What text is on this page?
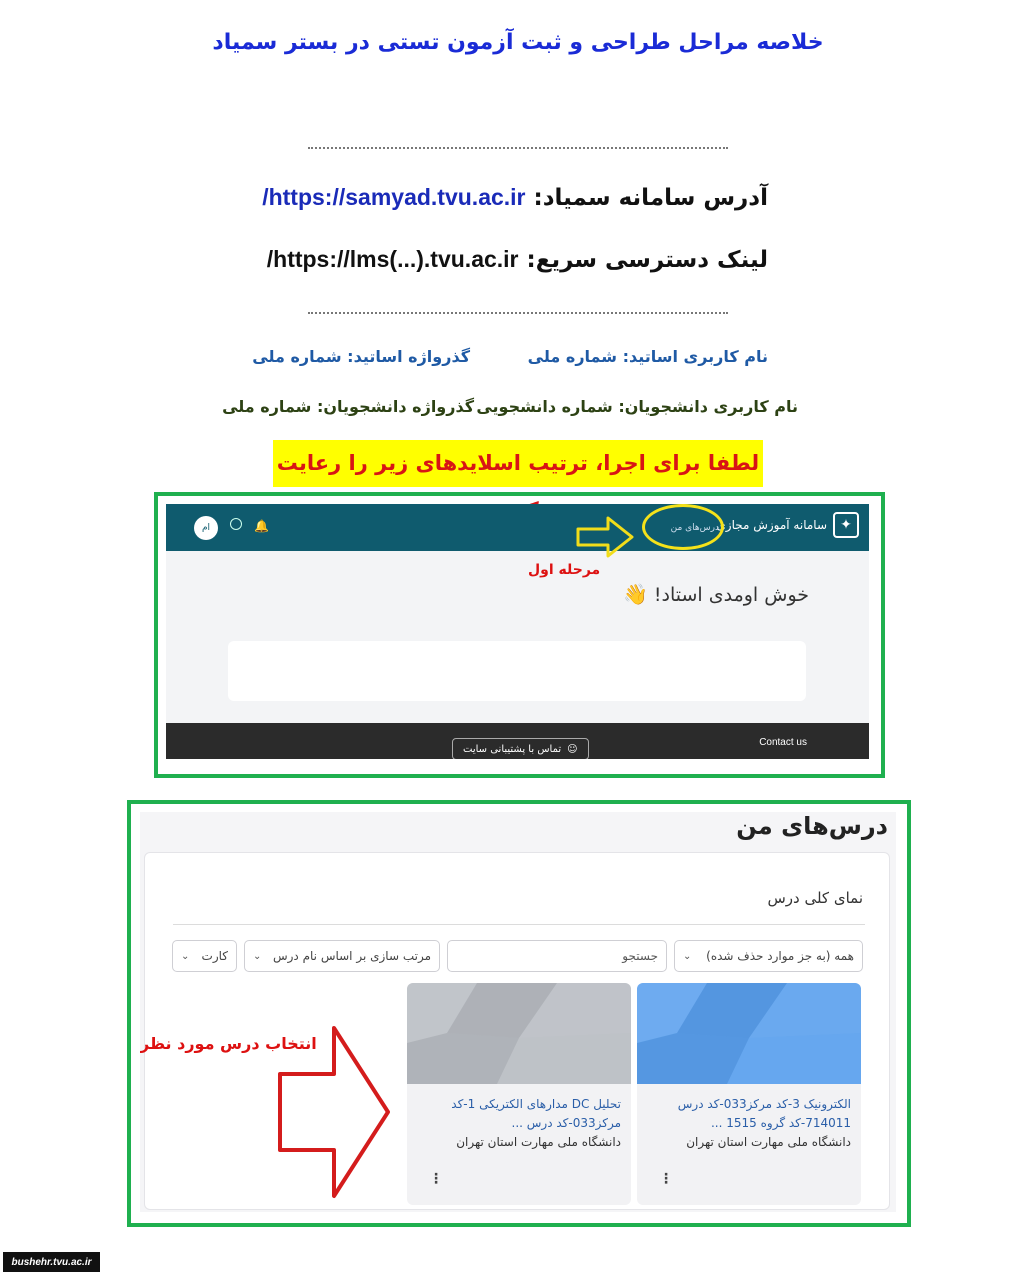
خلاصه مراحل طراحی و ثبت آزمون تستی در بستر سمیاد
آدرس سامانه سمیاد: https://samyad.tvu.ac.ir/
لینک دسترسی سریع: https://lms(...).tvu.ac.ir/
نام کاربری اساتید: شماره ملی
گذرواژه اساتید: شماره ملی
نام کاربری دانشجویان: شماره دانشجویی
گذرواژه دانشجویان: شماره ملی
لطفا برای اجرا، ترتیب اسلایدهای زیر را رعایت
✦
سامانه آموزش مجازی
درس‌های من
ام	🔔
مرحله اول
خوش اومدی استاد! 👋
☺
تماس با پشتیبانی سایت
Contact us
درس‌های من
نمای کلی درس
همه (به جز موارد حذف شده)
⌄
جستجو
مرتب سازی بر اساس نام درس
⌄
کارت
⌄
الکترونیک 3-کد مرکز033-کد درس 714011-کد گروه 1515 ...
دانشگاه ملی مهارت استان تهران
⋮
تحلیل DC مدارهای الکتریکی 1-کد مرکز033-کد درس ...
دانشگاه ملی مهارت استان تهران
⋮
انتخاب درس مورد نظر
bushehr.tvu.ac.ir
